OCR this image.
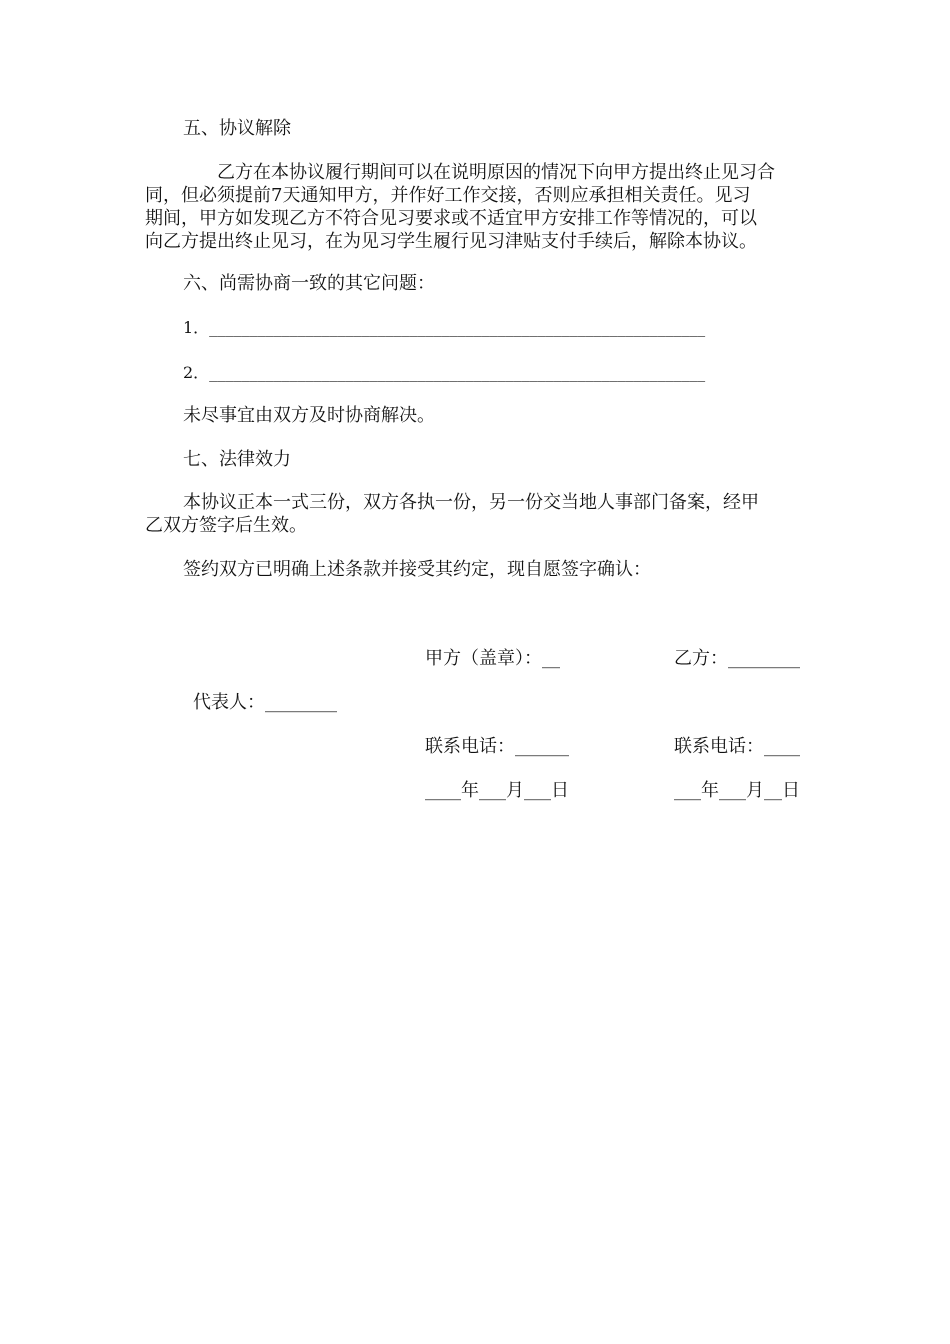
五、协议解除
乙方在本协议履行期间可以在说明原因的情况下向甲方提出终止见习合
同，但必须提前7天通知甲方，并作好工作交接，否则应承担相关责任。见习
期间，甲方如发现乙方不符合见习要求或不适宜甲方安排工作等情况的，可以
向乙方提出终止见习，在为见习学生履行见习津贴支付手续后，解除本协议。
六、尚需协商一致的其它问题：
1．______________________________________________________________
2．______________________________________________________________
未尽事宜由双方及时协商解决。
七、法律效力
本协议正本一式三份，双方各执一份，另一份交当地人事部门备案，经甲
乙双方签字后生效。
签约双方已明确上述条款并接受其约定，现自愿签字确认：
甲方（盖章）：__	乙方：________
代表人：________
联系电话：______	联系电话：____
____年___月___日	___年___月__日
